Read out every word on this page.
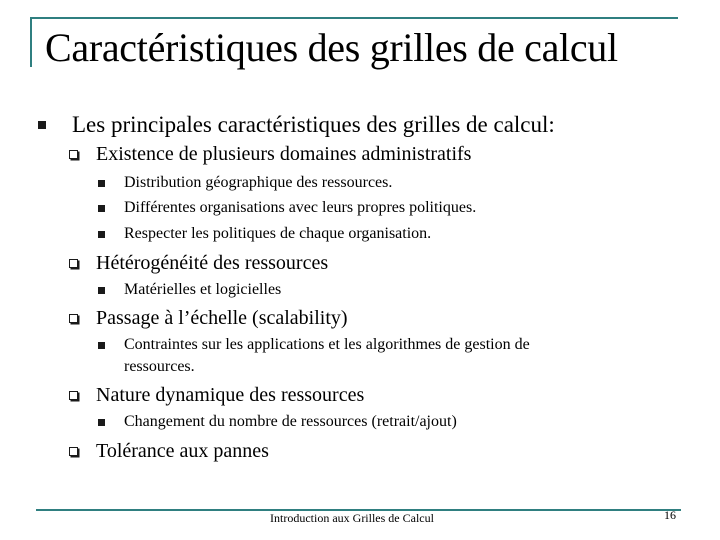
Caractéristiques des grilles de calcul
Les principales caractéristiques des grilles de calcul:
Existence de plusieurs domaines administratifs
Distribution géographique des ressources.
Différentes organisations avec leurs propres politiques.
Respecter les politiques de chaque organisation.
Hétérogénéité des ressources
Matérielles et logicielles
Passage à l’échelle (scalability)
Contraintes sur les applications et les algorithmes de gestion de
ressources.
Nature dynamique des ressources
Changement du nombre de ressources (retrait/ajout)
Tolérance aux pannes
Introduction aux Grilles de Calcul	16
